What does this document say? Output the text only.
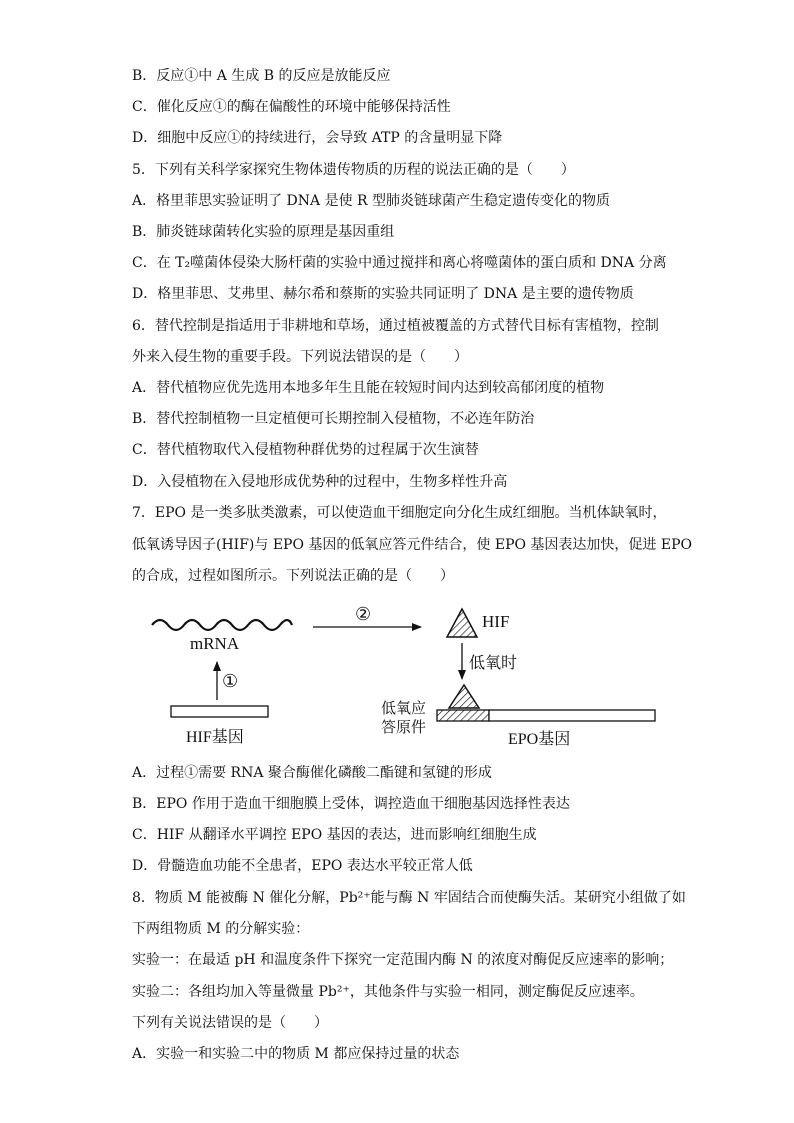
B．反应①中 A 生成 B 的反应是放能反应
C．催化反应①的酶在偏酸性的环境中能够保持活性
D．细胞中反应①的持续进行，会导致 ATP 的含量明显下降
5．下列有关科学家探究生物体遗传物质的历程的说法正确的是（　　）
A．格里菲思实验证明了 DNA 是使 R 型肺炎链球菌产生稳定遗传变化的物质
B．肺炎链球菌转化实验的原理是基因重组
C．在 T₂噬菌体侵染大肠杆菌的实验中通过搅拌和离心将噬菌体的蛋白质和 DNA 分离
D．格里菲思、艾弗里、赫尔希和蔡斯的实验共同证明了 DNA 是主要的遗传物质
6．替代控制是指适用于非耕地和草场，通过植被覆盖的方式替代目标有害植物，控制
外来入侵生物的重要手段。下列说法错误的是（　　）
A．替代植物应优先选用本地多年生且能在较短时间内达到较高郁闭度的植物
B．替代控制植物一旦定植便可长期控制入侵植物，不必连年防治
C．替代植物取代入侵植物种群优势的过程属于次生演替
D．入侵植物在入侵地形成优势种的过程中，生物多样性升高
7．EPO 是一类多肽类激素，可以使造血干细胞定向分化生成红细胞。当机体缺氧时，
低氧诱导因子(HIF)与 EPO 基因的低氧应答元件结合，使 EPO 基因表达加快，促进 EPO
的合成，过程如图所示。下列说法正确的是（　　）
mRNA
①
②	HIF
低氧时
低氧应
答原件
HIF基因	EPO基因
A．过程①需要 RNA 聚合酶催化磷酸二酯键和氢键的形成
B．EPO 作用于造血干细胞膜上受体，调控造血干细胞基因选择性表达
C．HIF 从翻译水平调控 EPO 基因的表达，进而影响红细胞生成
D．骨髓造血功能不全患者，EPO 表达水平较正常人低
8．物质 M 能被酶 N 催化分解，Pb²⁺能与酶 N 牢固结合而使酶失活。某研究小组做了如
下两组物质 M 的分解实验：
实验一：在最适 pH 和温度条件下探究一定范围内酶 N 的浓度对酶促反应速率的影响；
实验二：各组均加入等量微量 Pb²⁺，其他条件与实验一相同，测定酶促反应速率。
下列有关说法错误的是（　　）
A．实验一和实验二中的物质 M 都应保持过量的状态
